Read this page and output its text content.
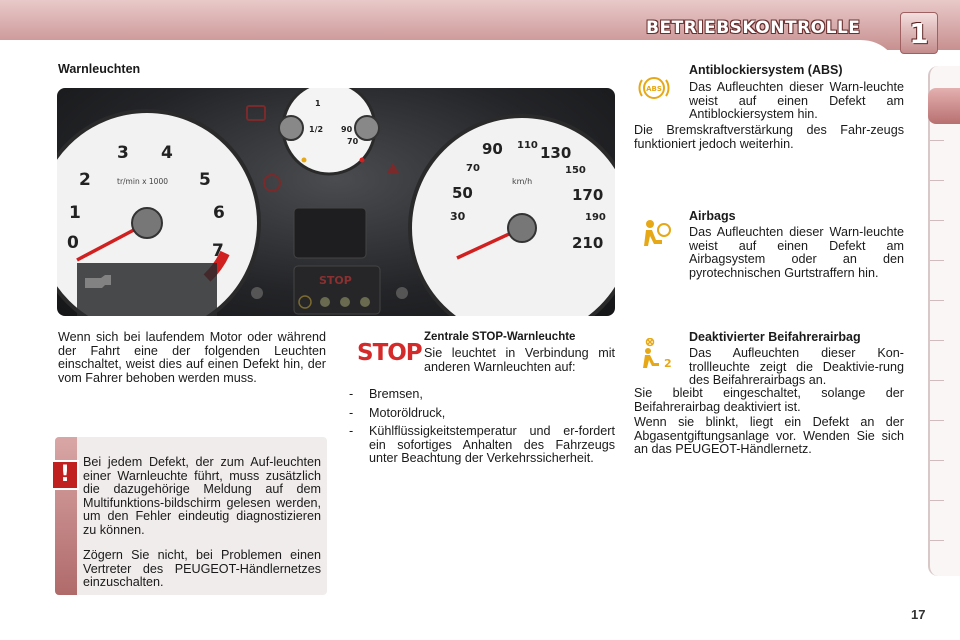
BETRIEBSKONTROLLE 1
Warnleuchten
0
1
2
3 4
5
6
7
tr/min x 1000
30
50
70
90 110 130
150
170
190
210
km/h
1/2
1
90
70
STOP
Wenn sich bei laufendem Motor oder während der Fahrt eine der folgenden Leuchten einschaltet, weist dies auf einen Defekt hin, der vom Fahrer behoben werden muss.
!	Bei jedem Defekt, der zum Auf-leuchten einer Warnleuchte führt, muss zusätzlich die dazugehörige Meldung auf dem Multifunktions-bildschirm gelesen werden, um den Fehler eindeutig diagnostizieren zu können.
Zögern Sie nicht, bei Problemen einen Vertreter des PEUGEOT-Händlernetzes einzuschalten.
STOP
Zentrale STOP-Warnleuchte
Sie leuchtet in Verbindung mit anderen Warnleuchten auf:
- Bremsen,
- Motoröldruck,
- Kühlflüssigkeitstemperatur und er-fordert ein sofortiges Anhalten des Fahrzeugs unter Beachtung der Verkehrssicherheit.
ABS
Antiblockiersystem (ABS)
Das Aufleuchten dieser Warn-leuchte weist auf einen Defekt am Antiblockiersystem hin.
Die Bremskraftverstärkung des Fahr-zeugs funktioniert jedoch weiterhin.
Airbags
Das Aufleuchten dieser Warn-leuchte weist auf einen Defekt am Airbagsystem oder an den pyrotechnischen Gurtstraffern hin.
2
Deaktivierter Beifahrerairbag
Das Aufleuchten dieser Kon-trollleuchte zeigt die Deaktivie-rung des Beifahrerairbags an.
Sie bleibt eingeschaltet, solange der Beifahrerairbag deaktiviert ist.
Wenn sie blinkt, liegt ein Defekt an der Abgasentgiftungsanlage vor. Wenden Sie sich an das PEUGEOT-Händlernetz.
17
